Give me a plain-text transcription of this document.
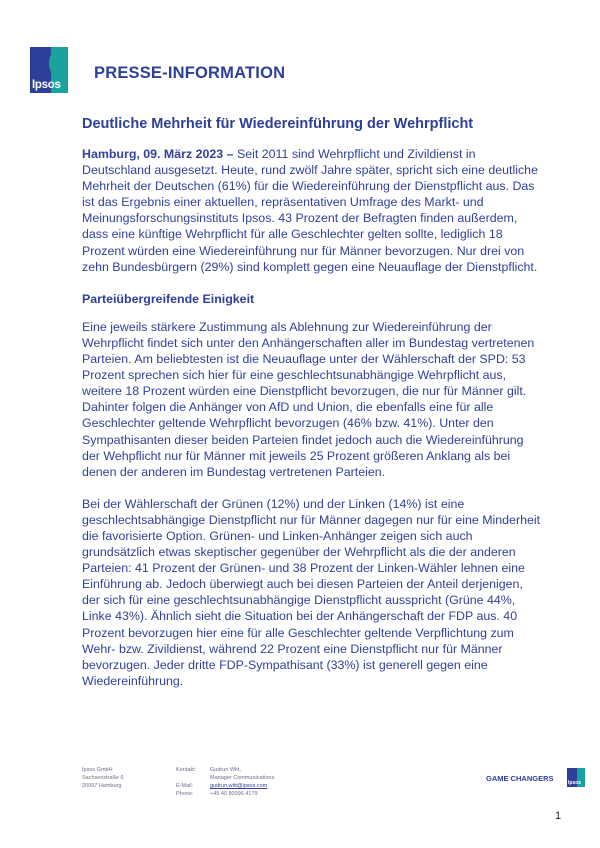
Ipsos
PRESSE-INFORMATION
Deutliche Mehrheit für Wiedereinführung der Wehrpflicht

Hamburg, 09. März 2023 – Seit 2011 sind Wehrpflicht und Zivildienst in Deutschland ausgesetzt. Heute, rund zwölf Jahre später, spricht sich eine deutliche Mehrheit der Deutschen (61%) für die Wiedereinführung der Dienstpflicht aus. Das ist das Ergebnis einer aktuellen, repräsentativen Umfrage des Markt- und Meinungsforschungsinstituts Ipsos. 43 Prozent der Befragten finden außerdem, dass eine künftige Wehrpflicht für alle Geschlechter gelten sollte, lediglich 18 Prozent würden eine Wiedereinführung nur für Männer bevorzugen. Nur drei von zehn Bundesbürgern (29%) sind komplett gegen eine Neuauflage der Dienstpflicht.

Parteiübergreifende Einigkeit

Eine jeweils stärkere Zustimmung als Ablehnung zur Wiedereinführung der Wehrpflicht findet sich unter den Anhängerschaften aller im Bundestag vertretenen Parteien. Am beliebtesten ist die Neuauflage unter der Wählerschaft der SPD: 53 Prozent sprechen sich hier für eine geschlechtsunabhängige Wehrpflicht aus, weitere 18 Prozent würden eine Dienstpflicht bevorzugen, die nur für Männer gilt. Dahinter folgen die Anhänger von AfD und Union, die ebenfalls eine für alle Geschlechter geltende Wehrpflicht bevorzugen (46% bzw. 41%). Unter den Sympathisanten dieser beiden Parteien findet jedoch auch die Wiedereinführung der Wehpflicht nur für Männer mit jeweils 25 Prozent größeren Anklang als bei denen der anderen im Bundestag vertretenen Parteien.

Bei der Wählerschaft der Grünen (12%) und der Linken (14%) ist eine geschlechtsabhängige Dienstpflicht nur für Männer dagegen nur für eine Minderheit die favorisierte Option. Grünen- und Linken-Anhänger zeigen sich auch grundsätzlich etwas skeptischer gegenüber der Wehrpflicht als die der anderen Parteien: 41 Prozent der Grünen- und 38 Prozent der Linken-Wähler lehnen eine Einführung ab. Jedoch überwiegt auch bei diesen Parteien der Anteil derjenigen, der sich für eine geschlechtsunabhängige Dienstpflicht ausspricht (Grüne 44%, Linke 43%). Ähnlich sieht die Situation bei der Anhängerschaft der FDP aus. 40 Prozent bevorzugen hier eine für alle Geschlechter geltende Verpflichtung zum Wehr- bzw. Zivildienst, während 22 Prozent eine Dienstpflicht nur für Männer bevorzugen. Jeder dritte FDP-Sympathisant (33%) ist generell gegen eine Wiedereinführung.

Ipsos GmbH
Sachsenstraße 6
20097 Hamburg
Kontakt:

E-Mail:
Phone:
Gudrun Witt,
Manager Communications
gudrun.witt@ipsos.com
+49 40 80096 4179
GAME CHANGERS	Ipsos
1
